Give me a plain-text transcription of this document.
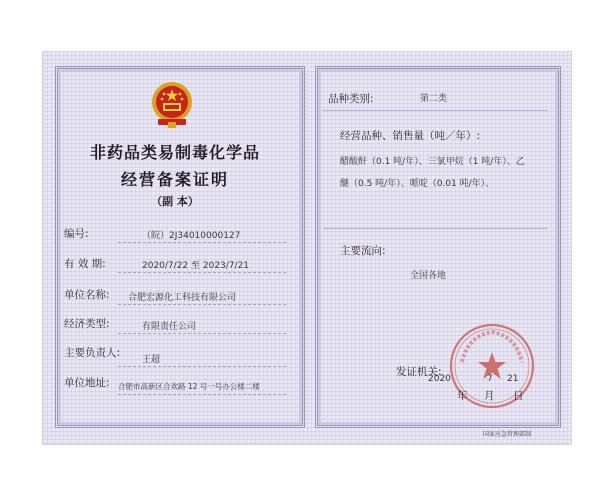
非药品类易制毒化学品
经营备案证明
（副 本）
编号:	（皖）2J34010000127
有 效 期:	2020/7/22 至 2023/7/21
单位名称: 合肥宏源化工科技有限公司
经济类型:	有限责任公司
主要负责人:
王超
单位地址: 合肥市高新区合欢路 12 号一号办公楼二楼
品种类别:	第二类
经营品种、销售量（吨／年）:
醋酸酐（0.1 吨/年）、三氯甲烷（1 吨/年）、乙
醚（0.5 吨/年）、哌啶（0.01 吨/年）、
主要流向:
全国各地
发证机关:
2020	7 21
年 月 日
国家应急管理部制
